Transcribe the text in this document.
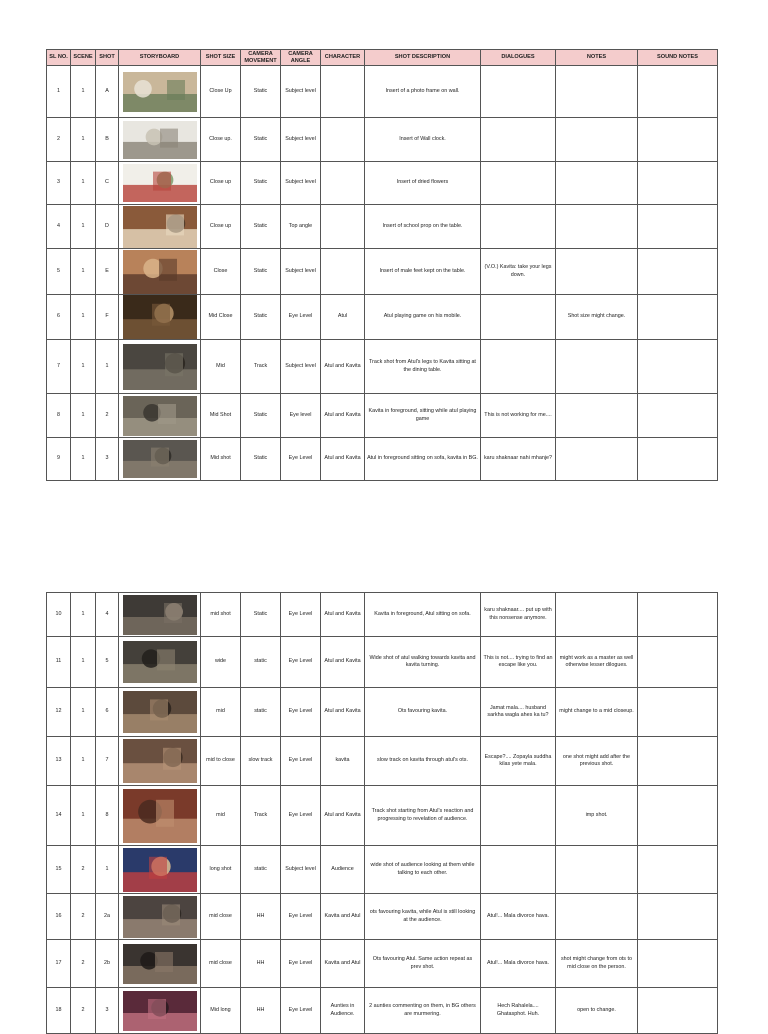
SL NO.	SCENE	SHOT	STORYBOARD	SHOT SIZE	CAMERA MOVEMENT	CAMERA ANGLE	CHARACTER	SHOT DESCRIPTION	DIALOGUES	NOTES	SOUND NOTES
1	1	A		Close Up	Static	Subject level		Insert of a photo frame on wall.			
2	1	B		Close up.	Static	Subject level		Insert of Wall clock.			
3	1	C		Close up	Static	Subject level		Insert of dried flowers			
4	1	D		Close up	Static	Top angle		Insert of school prop on the table.			
5	1	E		Close	Static	Subject level		Insert of male feet kept on the table.	(V.O.) Kavita: take your legs down.		
6	1	F		Mid Close	Static	Eye Level	Atul	Atul playing game on his mobile.		Shot size might change.	
7	1	1		Mid	Track	Subject level	Atul and Kavita	Track shot from Atul's legs to Kavita sitting at the dining table.			
8	1	2		Mid Shot	Static	Eye level	Atul and Kavita	Kavita in foreground, sitting while atul playing game	This is not working for me....		
9	1	3		Mid shot	Static	Eye Level	Atul and Kavita	Atul in foreground sitting on sofa, kavita in BG.	karu shaknaar nahi mhanje?		
10	1	4		mid shot	Static	Eye Level	Atul and Kavita	Kavita in foreground, Atul sitting on sofa.	karu shaknaar.... put up with this nonsense anymore.		
11	1	5		wide	static	Eye Level	Atul and Kavita	Wide shot of atul walking towards kavita and kavita turning.	This is not.... trying to find an escape like you.	might work as a master as well otherwise lesser dilogues.	
12	1	6		mid	static	Eye Level	Atul and Kavita	Ots favouring kavita.	Jamat mala.... husband sarkha wagla ahes ka tu?	might change to a mid closeup.	
13	1	7		mid to close	slow track	Eye Level	kavita	slow track on kavita through atul's ots.	Escape?.... Zopayla suddha kilas yete mala.	one shot might add after the previous shot.	
14	1	8		mid	Track	Eye Level	Atul and Kavita	Track shot starting from Atul's reaction and progressing to revelation of audience.		imp shot.	
15	2	1		long shot	static	Subject level	Audience	wide shot of audience looking at them while talking to each other.			
16	2	2a		mid close	HH	Eye Level	Kavita and Atul	ots favouring kavita, while Atul is still looking at the audience.	Atul!... Mala divorce hava.		
17	2	2b		mid close	HH	Eye Level	Kavita and Atul	Ots favouring Atul. Same action repeat as prev shot.	Atul!... Mala divorce hava.	shot might change from ots to mid close on the person.	
18	2	3		Mid long	HH	Eye Level	Aunties in Audience.	2 aunties commenting on them, in BG others are murmering.	Hech Rahalela.... Ghatasphot. Huh.	open to change.	
